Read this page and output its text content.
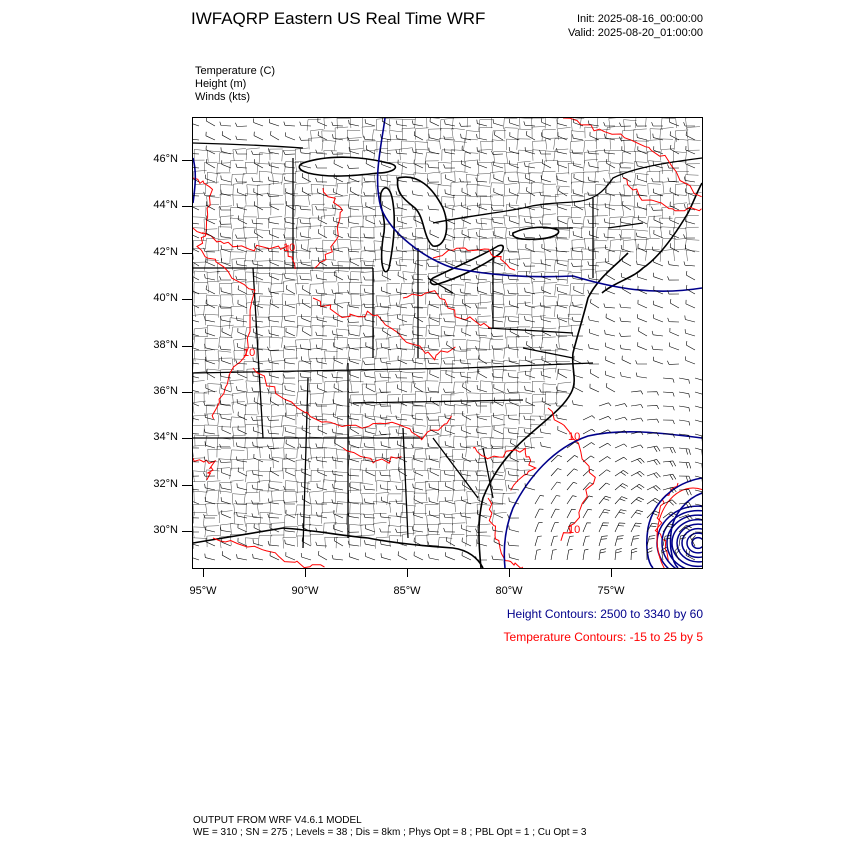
IWFAQRP Eastern US Real Time WRF	Init: 2025-08-16_00:00:00
Valid: 2025-08-20_01:00:00
Temperature (C)
Height (m)
Winds (kts)
10
10
10
10
46°N
44°N
42°N
40°N
38°N
36°N
34°N
32°N
30°N
95°W	90°W	85°W	80°W	75°W
Height Contours: 2500 to 3340 by 60
Temperature Contours: -15 to 25 by 5
OUTPUT FROM WRF V4.6.1 MODEL
WE = 310 ; SN = 275 ; Levels = 38 ; Dis = 8km ; Phys Opt = 8 ; PBL Opt = 1 ; Cu Opt = 3
